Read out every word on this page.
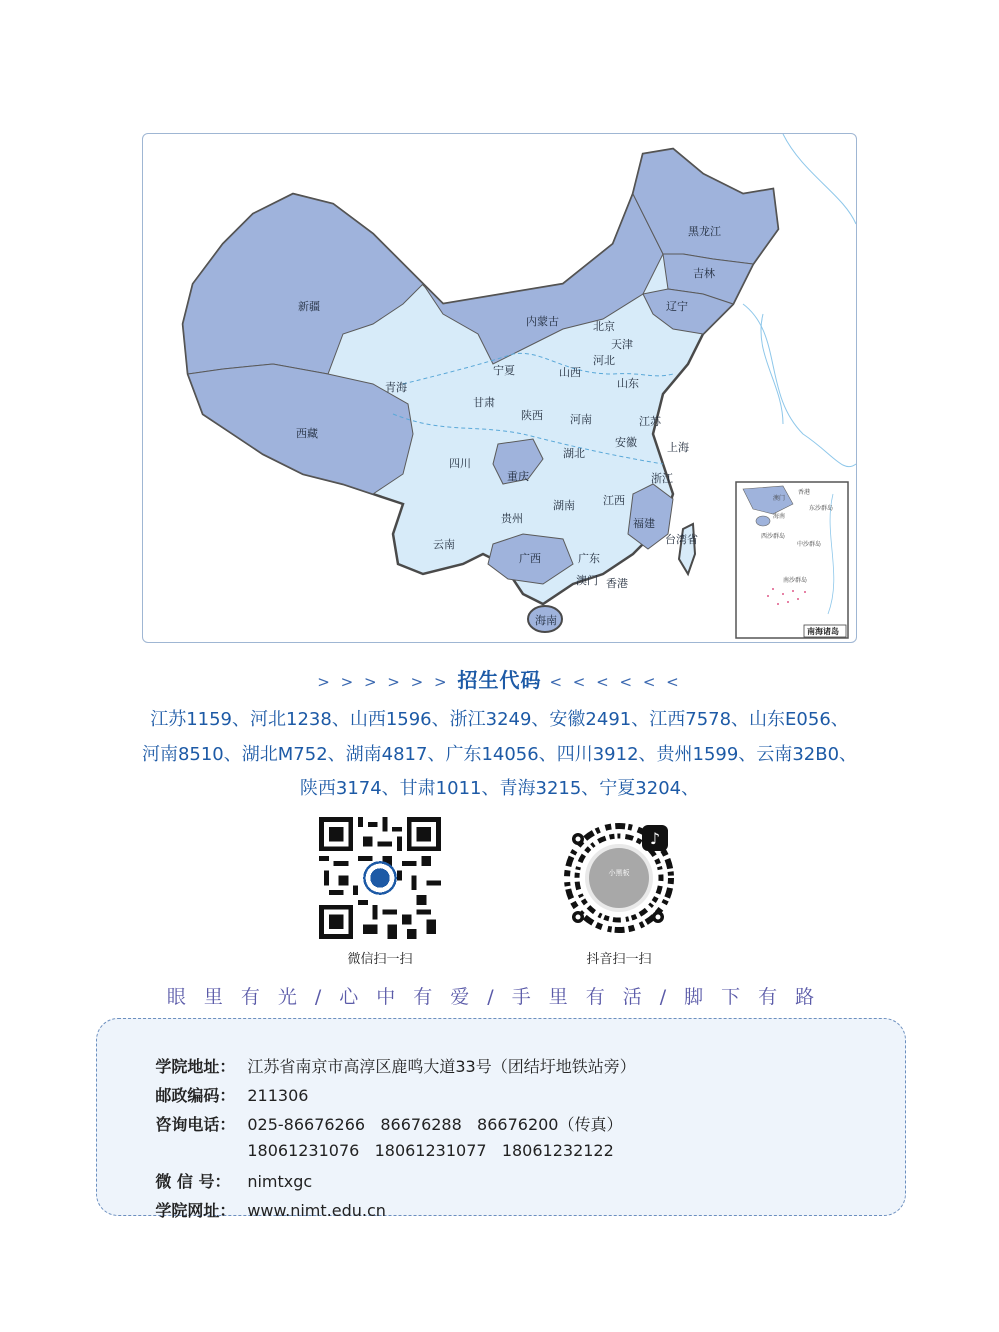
黑龙江
吉林
辽宁
内蒙古
新疆
北京
天津
河北
宁夏	山西
山东
青海
甘肃
陕西 河南	江苏
西藏
安徽	上海
湖北
四川
重庆	浙江
湖南	江西
贵州	福建
云南	台湾省
广西	广东
澳门 香港
海南
澳门
香港
海南
东沙群岛
西沙群岛
中沙群岛
南沙群岛
南海诸岛
> > > > > > 招生代码 < < < < < <
江苏1159、河北1238、山西1596、浙江3249、安徽2491、江西7578、山东E056、
河南8510、湖北M752、湖南4817、广东14056、四川3912、贵州1599、云南32B0、
陕西3174、甘肃1011、青海3215、宁夏3204、
微信扫一扫
小黑板
♪
抖音扫一扫
眼里有光/心中有爱/手里有活/脚下有路

学院地址： 江苏省南京市高淳区鹿鸣大道33号（团结圩地铁站旁）

邮政编码： 211306

咨询电话： 025-86676266   86676288   86676200（传真）

18061231076   18061231077   18061232122

微 信 号： nimtxgc

学院网址： www.nimt.edu.cn
